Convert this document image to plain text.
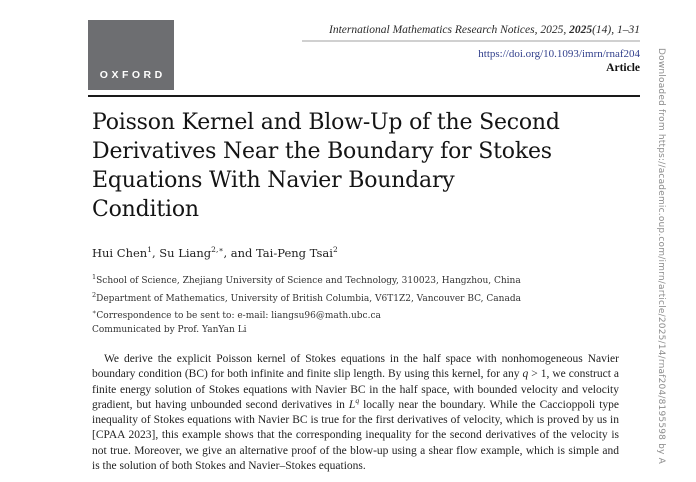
OXFORD
International Mathematics Research Notices, 2025, 2025(14), 1–31
https://doi.org/10.1093/imrn/rnaf204
Article
Poisson Kernel and Blow-Up of the Second
Derivatives Near the Boundary for Stokes
Equations With Navier Boundary
Condition
Hui Chen$^1$, Su Liang$^{2,∗}$, and Tai-Peng Tsai$^2$
$^1$School of Science, Zhejiang University of Science and Technology, 310023, Hangzhou, China
$^2$Department of Mathematics, University of British Columbia, V6T1Z2, Vancouver BC, Canada
∗Correspondence to be sent to: e-mail: liangsu96@math.ubc.ca
Communicated by Prof. YanYan Li

We derive the explicit Poisson kernel of Stokes equations in the half space with nonhomogeneous Navier boundary condition (BC) for both infinite and finite slip length. By using this kernel, for any q > 1, we construct a finite energy solution of Stokes equations with Navier BC in the half space, with bounded velocity and velocity gradient, but having unbounded second derivatives in $L^q$ locally near the boundary. While the Caccioppoli type inequality of Stokes equations with Navier BC is true for the first derivatives of velocity, which is proved by us in [CPAA 2023], this example shows that the corresponding inequality for the second derivatives of the velocity is not true. Moreover, we give an alternative proof of the blow-up using a shear flow example, which is simple and is the solution of both Stokes and Navier–Stokes equations.

Downloaded from https://academic.oup.com/imrn/article/2025/14/rnaf204/8195598 by A
